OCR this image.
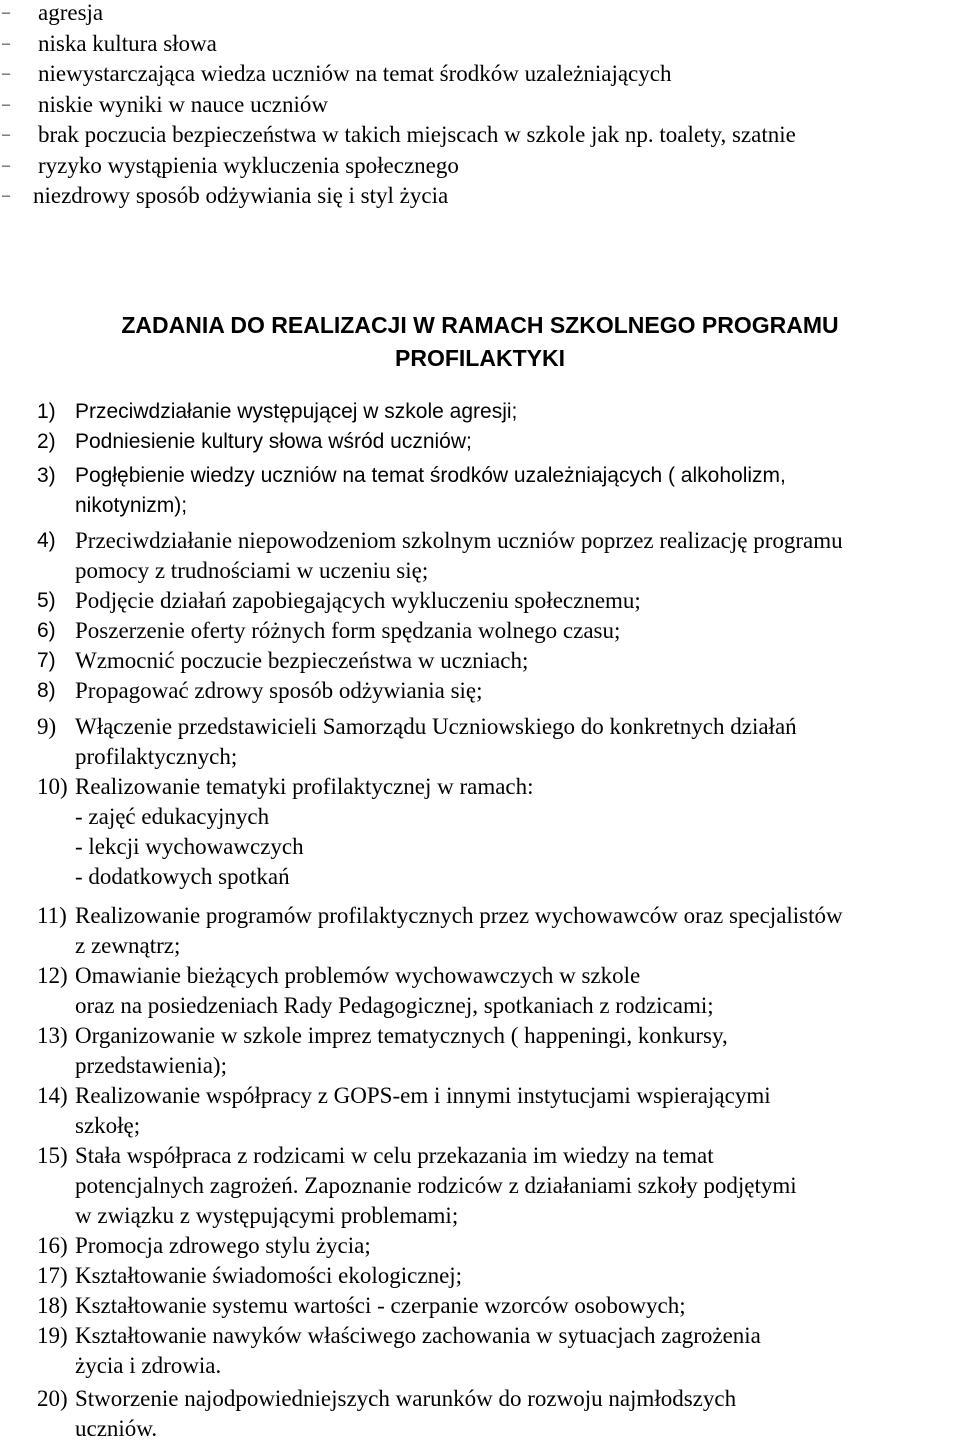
– agresja
– niska kultura słowa
– niewystarczająca wiedza uczniów na temat środków uzależniających
– niskie wyniki w nauce uczniów
– brak poczucia bezpieczeństwa w takich miejscach w szkole jak np. toalety, szatnie
– ryzyko wystąpienia wykluczenia społecznego
– niezdrowy sposób odżywiania się i styl życia
ZADANIA DO REALIZACJI W RAMACH SZKOLNEGO PROGRAMU
PROFILAKTYKI
1) Przeciwdziałanie występującej w szkole agresji;
2) Podniesienie kultury słowa wśród uczniów;
3) Pogłębienie wiedzy uczniów na temat środków uzależniających ( alkoholizm,
nikotynizm);
4) Przeciwdziałanie niepowodzeniom szkolnym uczniów poprzez realizację programu
pomocy z trudnościami w uczeniu się;
5) Podjęcie działań zapobiegających wykluczeniu społecznemu;
6) Poszerzenie oferty różnych form spędzania wolnego czasu;
7) Wzmocnić poczucie bezpieczeństwa w uczniach;
8) Propagować zdrowy sposób odżywiania się;
9) Włączenie przedstawicieli Samorządu Uczniowskiego do konkretnych działań
profilaktycznych;
10) Realizowanie tematyki profilaktycznej w ramach:
- zajęć edukacyjnych
- lekcji wychowawczych
- dodatkowych spotkań
11) Realizowanie programów profilaktycznych przez wychowawców oraz specjalistów
z zewnątrz;
12) Omawianie bieżących problemów wychowawczych w szkole
oraz na posiedzeniach Rady Pedagogicznej, spotkaniach z rodzicami;
13) Organizowanie w szkole imprez tematycznych ( happeningi, konkursy,
przedstawienia);
14) Realizowanie współpracy z GOPS-em i innymi instytucjami wspierającymi
szkołę;
15) Stała współpraca z rodzicami w celu przekazania im wiedzy na temat
potencjalnych zagrożeń. Zapoznanie rodziców z działaniami szkoły podjętymi
w związku z występującymi problemami;
16) Promocja zdrowego stylu życia;
17) Kształtowanie świadomości ekologicznej;
18) Kształtowanie systemu wartości - czerpanie wzorców osobowych;
19) Kształtowanie nawyków właściwego zachowania w sytuacjach zagrożenia
życia i zdrowia.
20) Stworzenie najodpowiedniejszych warunków do rozwoju najmłodszych
uczniów.
